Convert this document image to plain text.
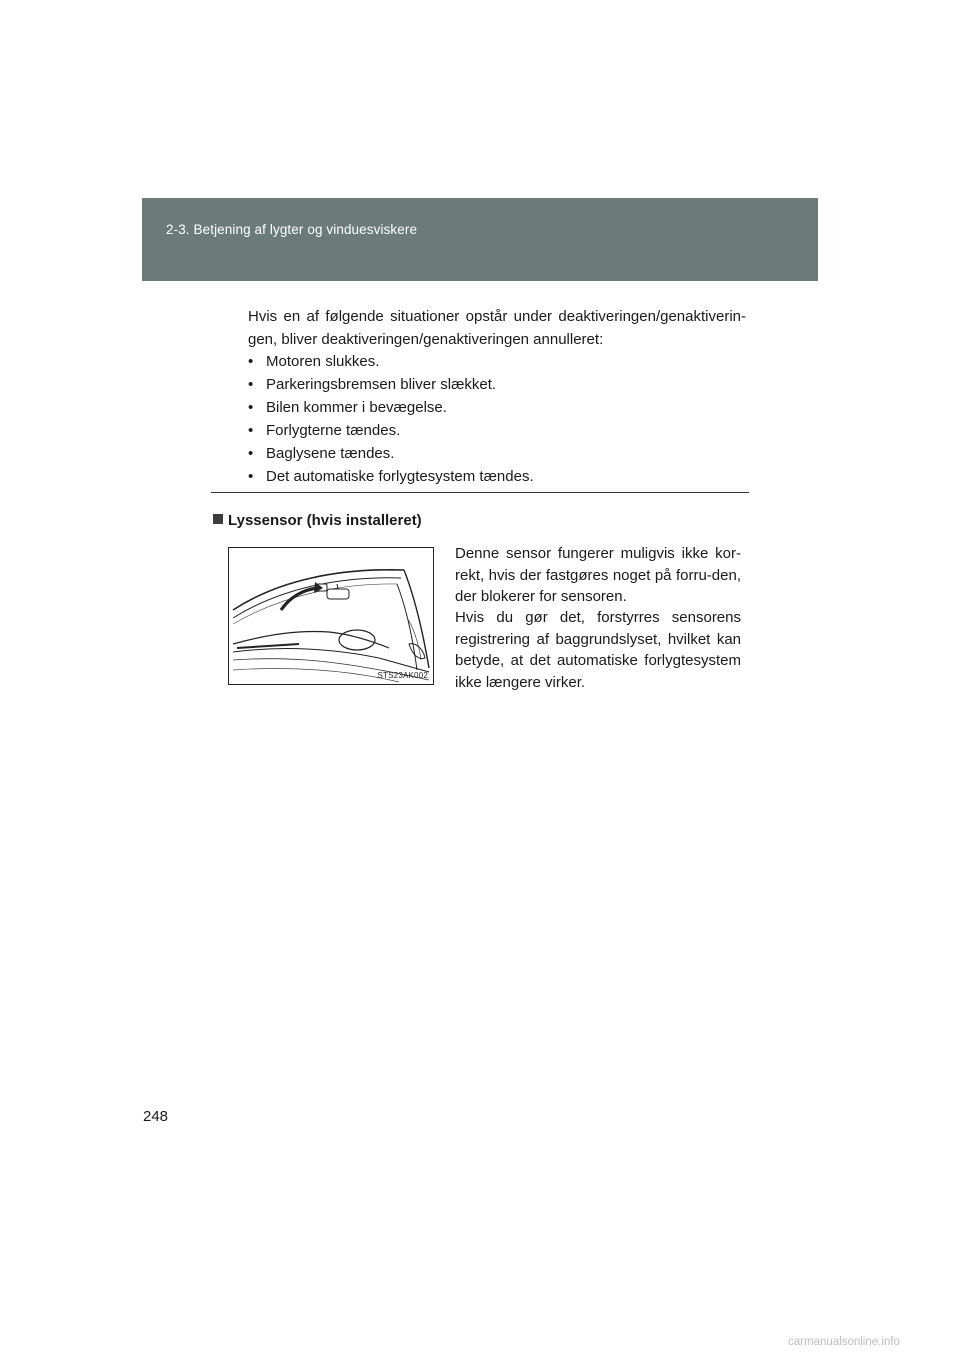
2-3. Betjening af lygter og vinduesviskere
Hvis en af følgende situationer opstår under deaktiveringen/genaktiverin-gen, bliver deaktiveringen/genaktiveringen annulleret:
• Motoren slukkes.
• Parkeringsbremsen bliver slækket.
• Bilen kommer i bevægelse.
• Forlygterne tændes.
• Baglysene tændes.
• Det automatiske forlygtesystem tændes.
Lyssensor (hvis installeret)
STS23AK002

Denne sensor fungerer muligvis ikke kor-rekt, hvis der fastgøres noget på forru-den, der blokerer for sensoren.

Hvis du gør det, forstyrres sensorens registrering af baggrundslyset, hvilket kan betyde, at det automatiske forlygtesystem ikke længere virker.

248
carmanualsonline.info
